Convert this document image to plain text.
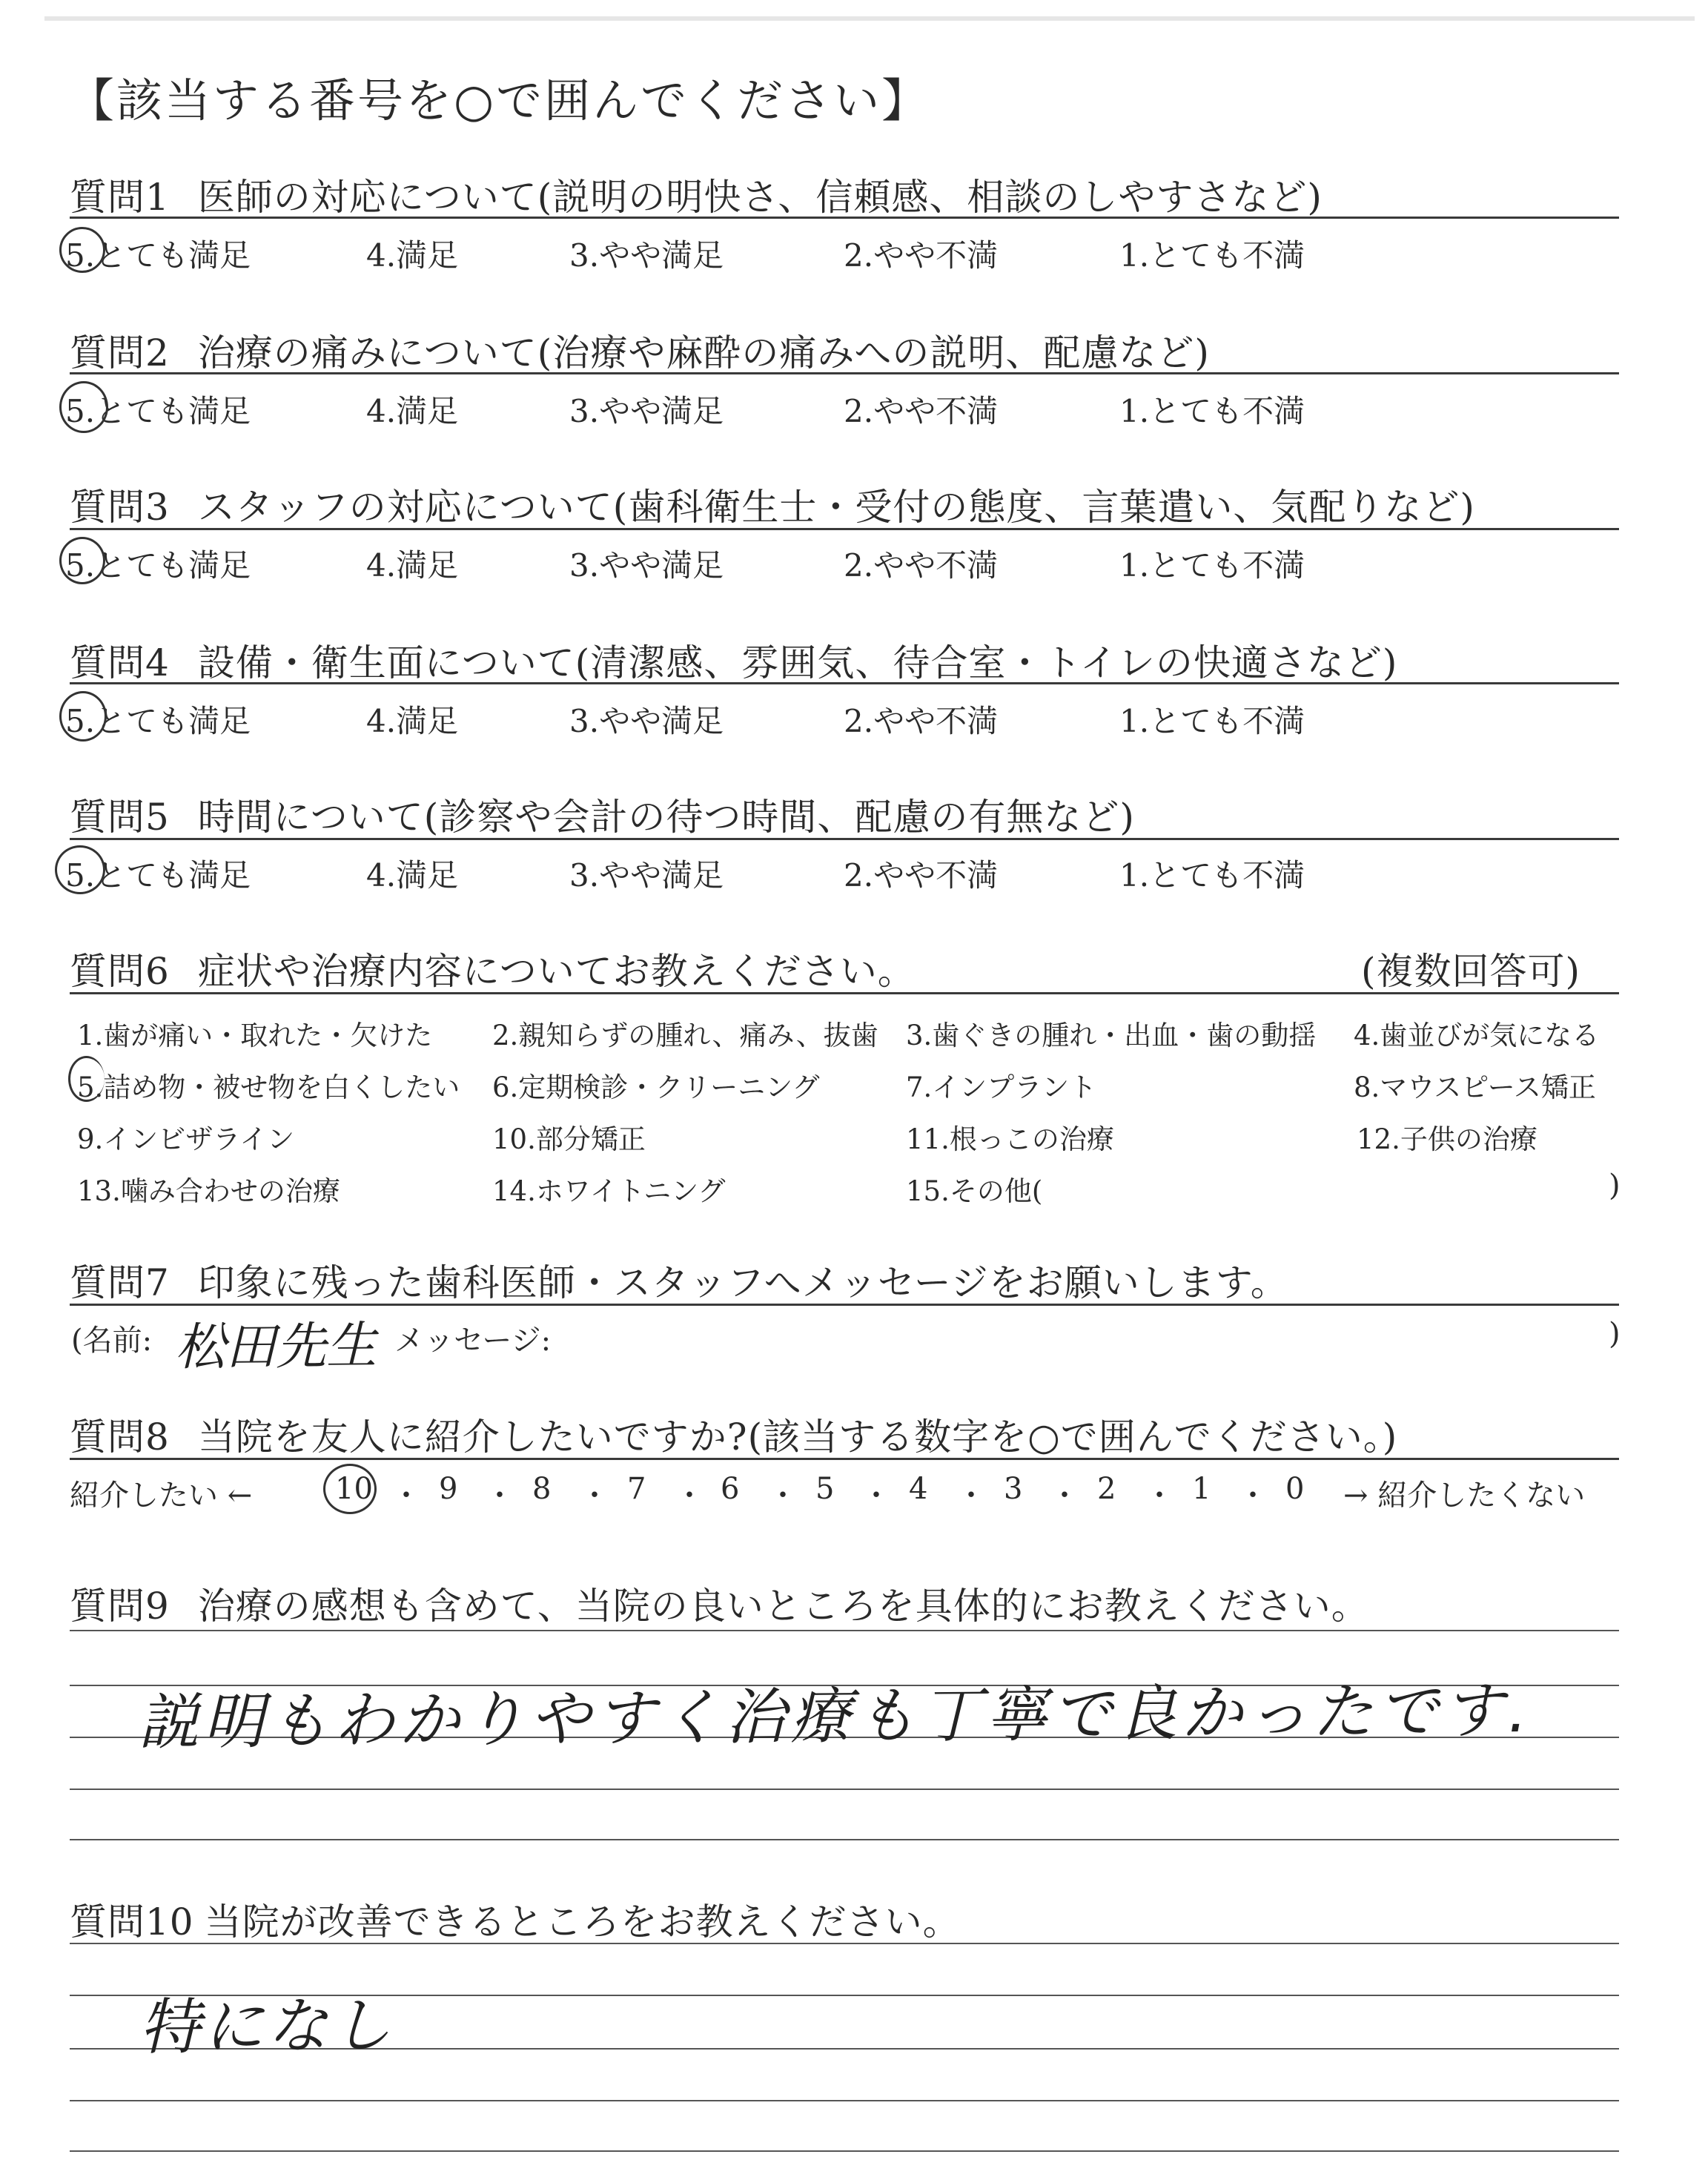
【該当する番号を○で囲んでください】
質問1 医師の対応について(説明の明快さ、信頼感、相談のしやすさなど)
5.とても満足	4.満足	3.やや満足	2.やや不満	1.とても不満
質問2 治療の痛みについて(治療や麻酔の痛みへの説明、配慮など)
5.とても満足	4.満足	3.やや満足	2.やや不満	1.とても不満
質問3 スタッフの対応について(歯科衛生士・受付の態度、言葉遣い、気配りなど)
5.とても満足	4.満足	3.やや満足	2.やや不満	1.とても不満
質問4 設備・衛生面について(清潔感、雰囲気、待合室・トイレの快適さなど)
5.とても満足	4.満足	3.やや満足	2.やや不満	1.とても不満
質問5 時間について(診察や会計の待つ時間、配慮の有無など)
5.とても満足	4.満足	3.やや満足	2.やや不満	1.とても不満
質問6 症状や治療内容についてお教えください。	(複数回答可)
1.歯が痛い・取れた・欠けた 2.親知らずの腫れ、痛み、抜歯 3.歯ぐきの腫れ・出血・歯の動揺 4.歯並びが気になる
5.詰め物・被せ物を白くしたい 6.定期検診・クリーニング	7.インプラント	8.マウスピース矯正
9.インビザライン	10.部分矯正	11.根っこの治療	12.子供の治療
13.噛み合わせの治療	14.ホワイトニング	15.その他(	)
質問7 印象に残った歯科医師・スタッフへメッセージをお願いします。
(名前: 松田先生 メッセージ:	)
質問8 当院を友人に紹介したいですか?(該当する数字を○で囲んでください。)
紹介したい ←	10 ・ 9 ・ 8 ・ 7 ・ 6 ・ 5 ・ 4 ・ 3 ・ 2 ・ 1 ・ 0 → 紹介したくない
質問9 治療の感想も含めて、当院の良いところを具体的にお教えください。
説明もわかりやすく治療も丁寧で良かったです.
質問10 当院が改善できるところをお教えください。
特になし
